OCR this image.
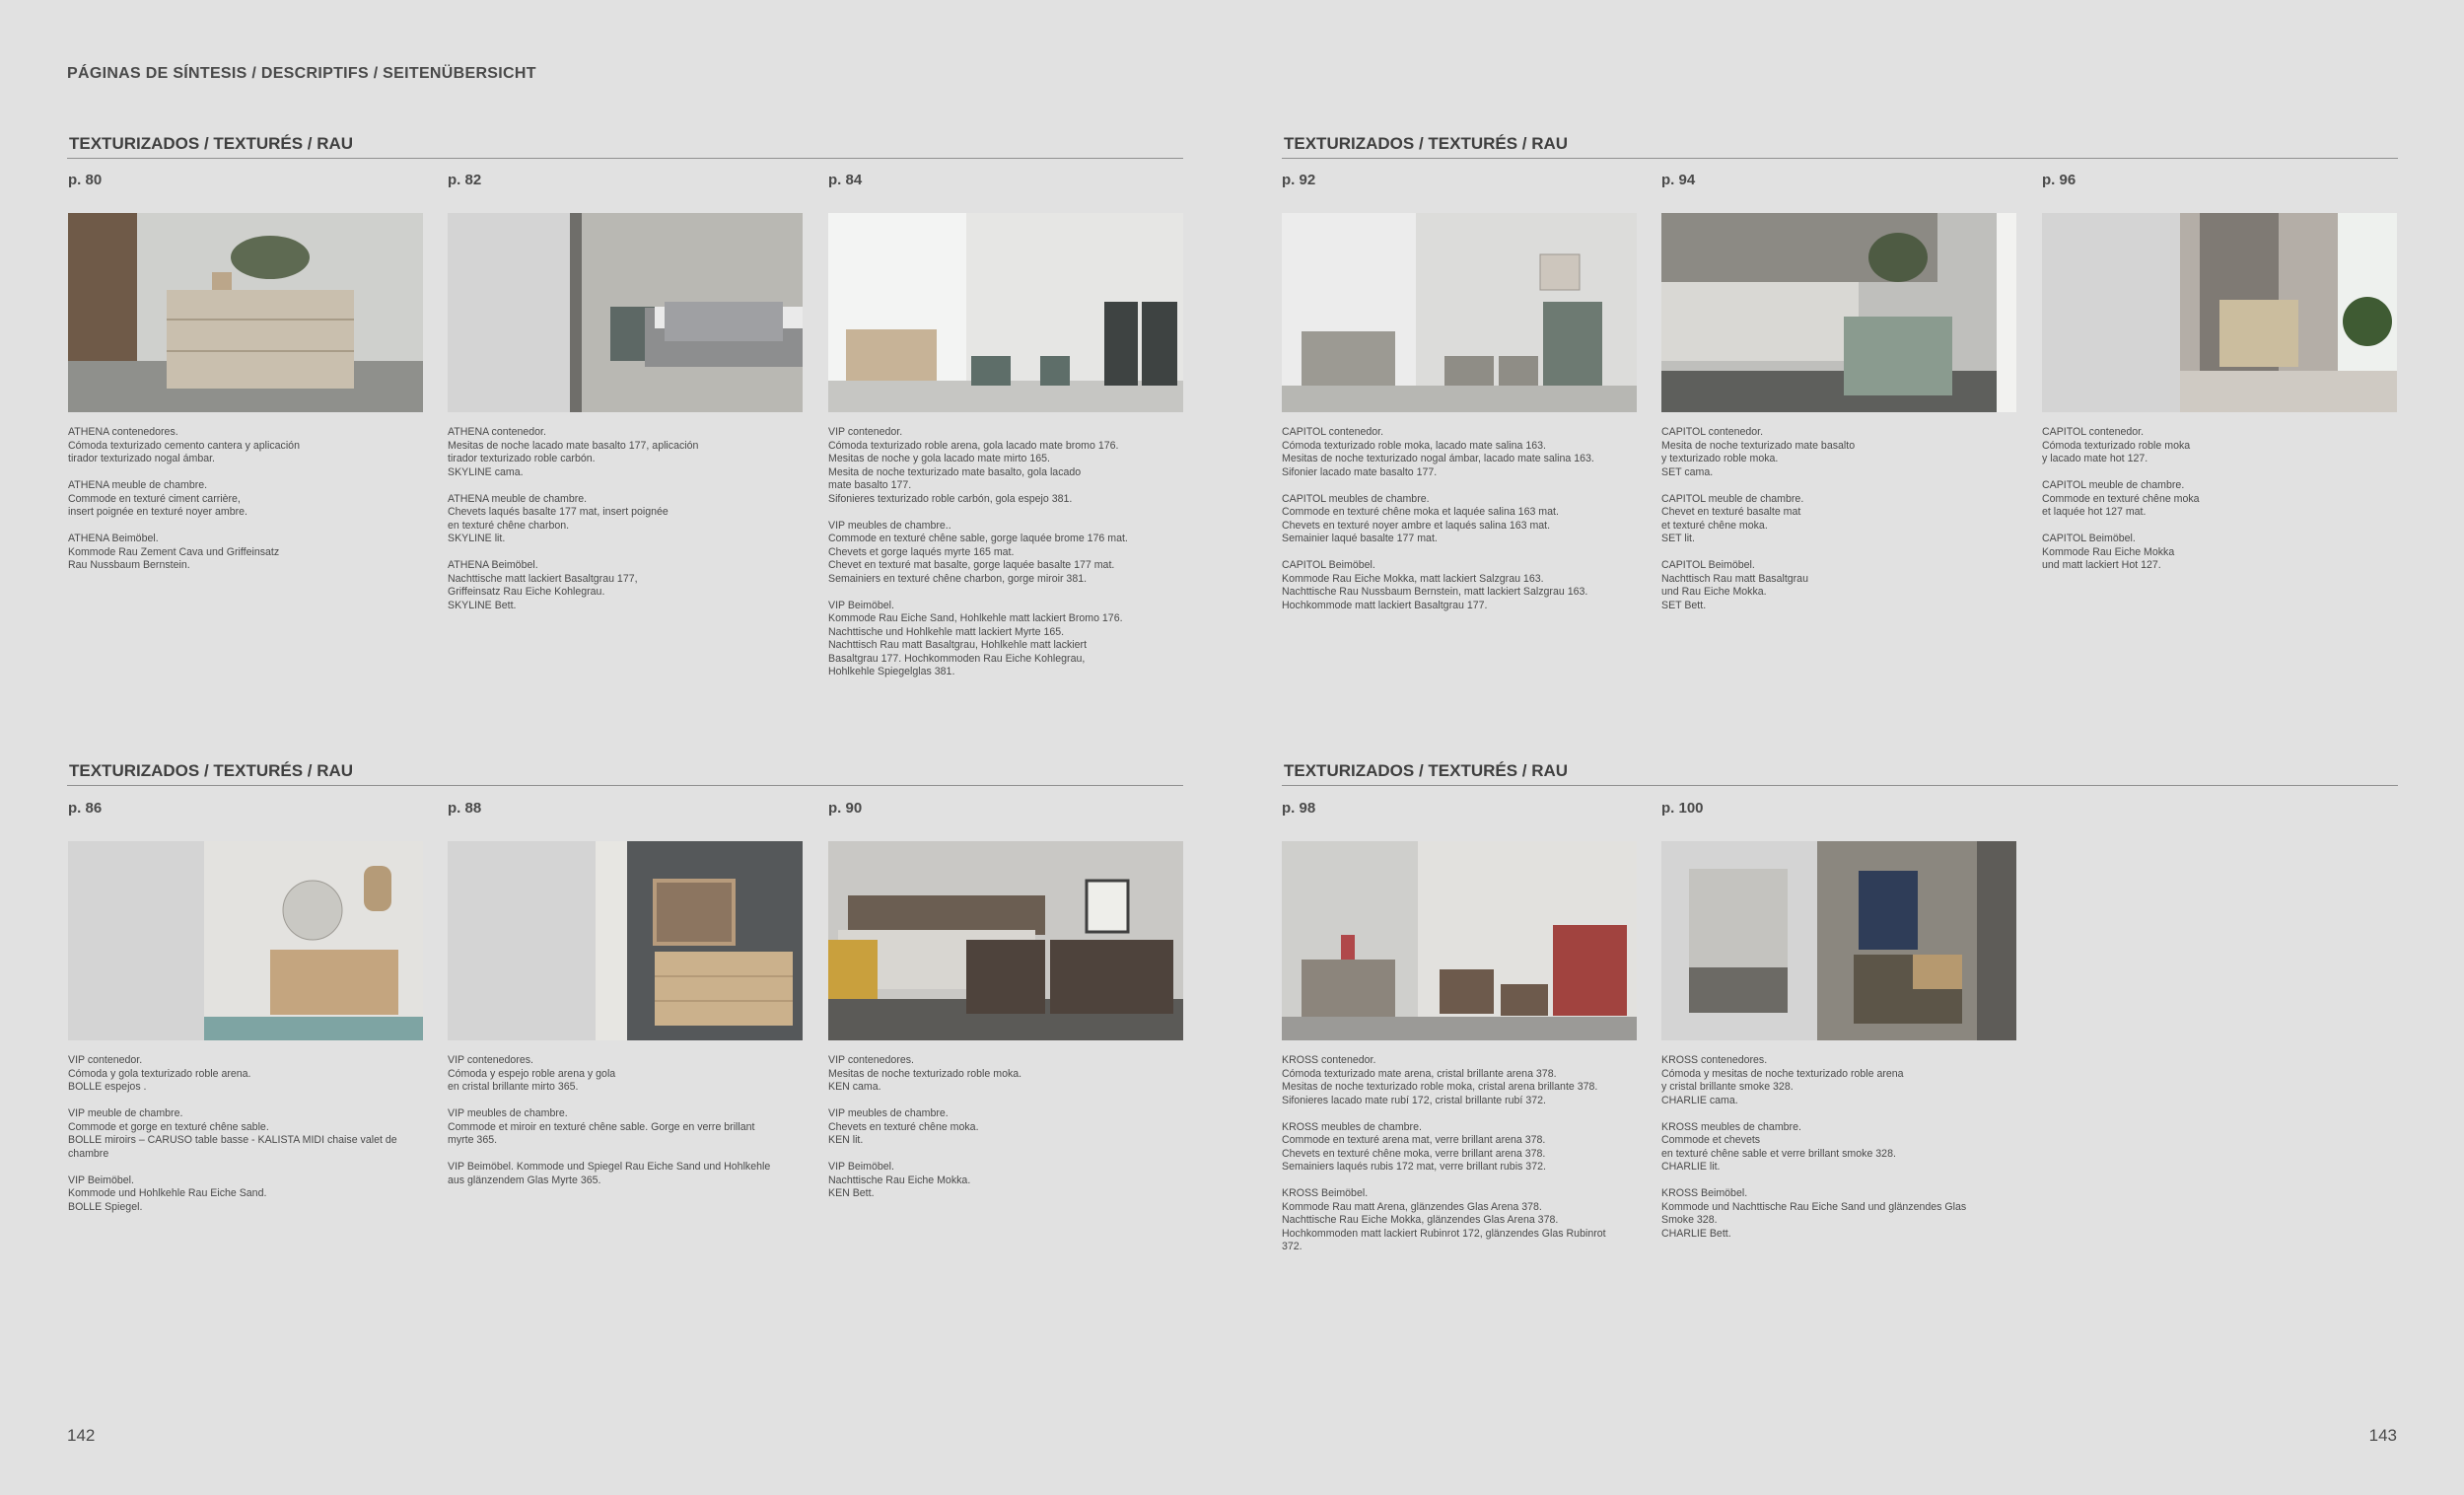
PÁGINAS DE SÍNTESIS / DESCRIPTIFS / SEITENÜBERSICHT
TEXTURIZADOS / TEXTURÉS / RAU	TEXTURIZADOS / TEXTURÉS / RAU
TEXTURIZADOS / TEXTURÉS / RAU	TEXTURIZADOS / TEXTURÉS / RAU
p. 80
ATHENA contenedores.
Cómoda texturizado cemento cantera y aplicación
tirador texturizado nogal ámbar.
ATHENA meuble de chambre.
Commode en texturé ciment carrière,
insert poignée en texturé noyer ambre.
ATHENA Beimöbel.
Kommode Rau Zement Cava und Griffeinsatz
Rau Nussbaum Bernstein.
p. 82
ATHENA contenedor.
Mesitas de noche lacado mate basalto 177, aplicación
tirador texturizado roble carbón.
SKYLINE cama.
ATHENA meuble de chambre.
Chevets laqués basalte 177 mat, insert poignée
en texturé chêne charbon.
SKYLINE lit.
ATHENA Beimöbel.
Nachttische matt lackiert Basaltgrau 177,
Griffeinsatz Rau Eiche Kohlegrau.
SKYLINE Bett.
p. 84
VIP contenedor.
Cómoda texturizado roble arena, gola lacado mate bromo 176.
Mesitas de noche y gola lacado mate mirto 165.
Mesita de noche texturizado mate basalto, gola lacado
mate basalto 177.
Sifonieres texturizado roble carbón, gola espejo 381.
VIP meubles de chambre..
Commode en texturé chêne sable, gorge laquée brome 176 mat.
Chevets et gorge laqués myrte 165 mat.
Chevet en texturé mat basalte, gorge laquée basalte 177 mat.
Semainiers en texturé chêne charbon, gorge miroir 381.
VIP Beimöbel.
Kommode Rau Eiche Sand, Hohlkehle matt lackiert Bromo 176.
Nachttische und Hohlkehle matt lackiert Myrte 165.
Nachttisch Rau matt Basaltgrau, Hohlkehle matt lackiert
Basaltgrau 177. Hochkommoden Rau Eiche Kohlegrau,
Hohlkehle Spiegelglas 381.
p. 92
CAPITOL contenedor.
Cómoda texturizado roble moka, lacado mate salina 163.
Mesitas de noche texturizado nogal ámbar, lacado mate salina 163.
Sifonier lacado mate basalto 177.
CAPITOL meubles de chambre.
Commode en texturé chêne moka et laquée salina 163 mat.
Chevets en texturé noyer ambre et laqués salina 163 mat.
Semainier laqué basalte 177 mat.
CAPITOL Beimöbel.
Kommode Rau Eiche Mokka, matt lackiert Salzgrau 163.
Nachttische Rau Nussbaum Bernstein, matt lackiert Salzgrau 163.
Hochkommode matt lackiert Basaltgrau 177.
p. 94
CAPITOL contenedor.
Mesita de noche texturizado mate basalto
y texturizado roble moka.
SET cama.
CAPITOL meuble de chambre.
Chevet en texturé basalte mat
et texturé chêne moka.
SET lit.
CAPITOL Beimöbel.
Nachttisch Rau matt Basaltgrau
und Rau Eiche Mokka.
SET Bett.
p. 96
CAPITOL contenedor.
Cómoda texturizado roble moka
y lacado mate hot 127.
CAPITOL meuble de chambre.
Commode en texturé chêne moka
et laquée hot 127 mat.
CAPITOL Beimöbel.
Kommode Rau Eiche Mokka
und matt lackiert Hot 127.
p. 86
VIP contenedor.
Cómoda y gola texturizado roble arena.
BOLLE espejos .
VIP meuble de chambre.
Commode et gorge en texturé chêne sable.
BOLLE miroirs – CARUSO table basse - KALISTA MIDI chaise valet de
chambre
VIP Beimöbel.
Kommode und Hohlkehle Rau Eiche Sand.
BOLLE Spiegel.
p. 88
VIP contenedores.
Cómoda y espejo roble arena y gola
en cristal brillante mirto 365.
VIP meubles de chambre.
Commode et miroir en texturé chêne sable. Gorge en verre brillant
myrte 365.
VIP Beimöbel. Kommode und Spiegel Rau Eiche Sand und Hohlkehle
aus glänzendem Glas Myrte 365.
p. 90
VIP contenedores.
Mesitas de noche texturizado roble moka.
KEN cama.
VIP meubles de chambre.
Chevets en texturé chêne moka.
KEN lit.
VIP Beimöbel.
Nachttische Rau Eiche Mokka.
KEN Bett.
p. 98
KROSS contenedor.
Cómoda texturizado mate arena, cristal brillante arena 378.
Mesitas de noche texturizado roble moka, cristal arena brillante 378.
Sifonieres lacado mate rubí 172, cristal brillante rubí 372.
KROSS meubles de chambre.
Commode en texturé arena mat, verre brillant arena 378.
Chevets en texturé chêne moka, verre brillant arena 378.
Semainiers laqués rubis 172 mat, verre brillant rubis 372.
KROSS Beimöbel.
Kommode Rau matt Arena, glänzendes Glas Arena 378.
Nachttische Rau Eiche Mokka, glänzendes Glas Arena 378.
Hochkommoden matt lackiert Rubinrot 172, glänzendes Glas Rubinrot
372.
p. 100
KROSS contenedores.
Cómoda y mesitas de noche texturizado roble arena
y cristal brillante smoke 328.
CHARLIE cama.
KROSS meubles de chambre.
Commode et chevets
en texturé chêne sable et verre brillant smoke 328.
CHARLIE lit.
KROSS Beimöbel.
Kommode und Nachttische Rau Eiche Sand und glänzendes Glas
Smoke 328.
CHARLIE Bett.
142	143
